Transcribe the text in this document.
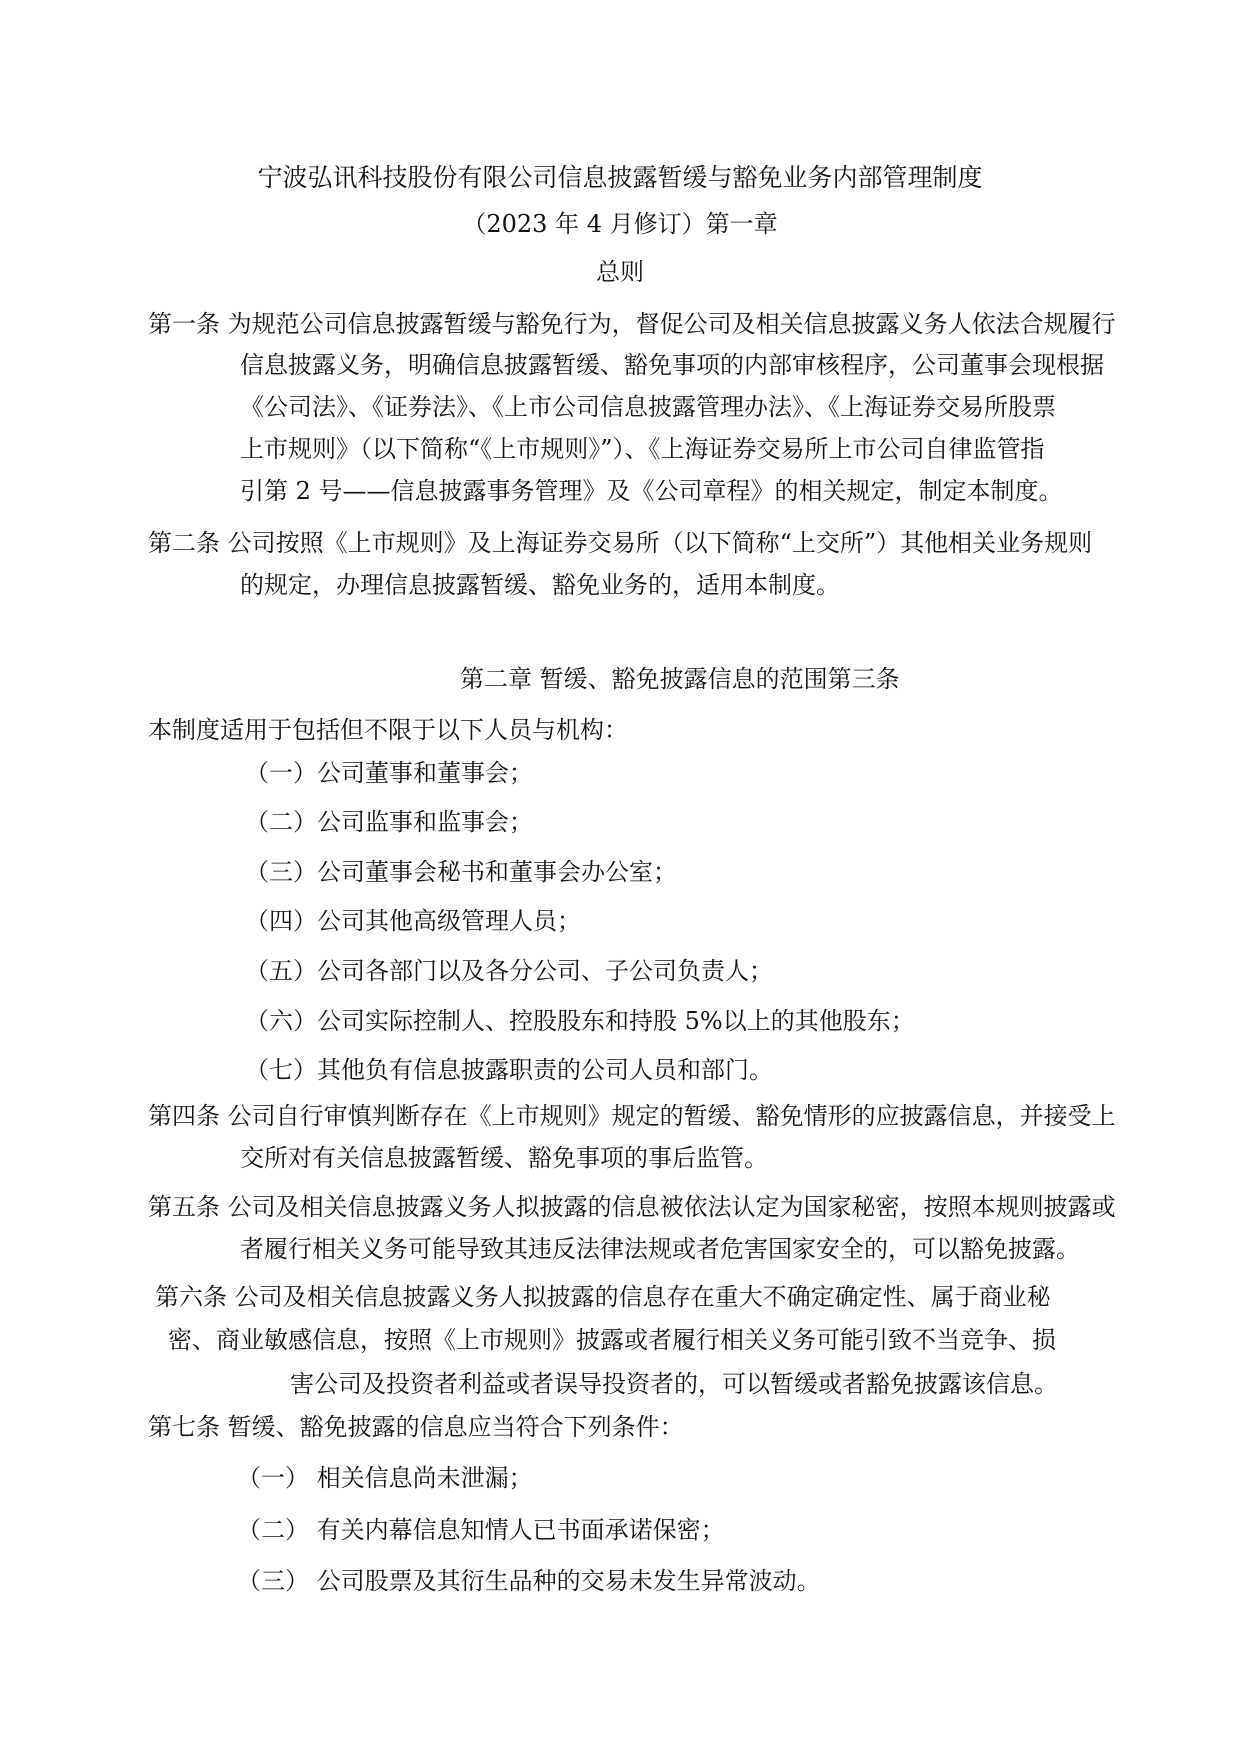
宁波弘讯科技股份有限公司信息披露暂缓与豁免业务内部管理制度
（2023 年 4 月修订）第一章
总则
第一条 为规范公司信息披露暂缓与豁免行为，督促公司及相关信息披露义务人依法合规履行
信息披露义务，明确信息披露暂缓、豁免事项的内部审核程序，公司董事会现根据
《公司法》、《证券法》、《上市公司信息披露管理办法》、《上海证券交易所股票
上市规则》（以下简称“《上市规则》”）、《上海证券交易所上市公司自律监管指
引第 2 号——信息披露事务管理》及《公司章程》的相关规定，制定本制度。
第二条 公司按照《上市规则》及上海证券交易所（以下简称“上交所”）其他相关业务规则
的规定，办理信息披露暂缓、豁免业务的，适用本制度。
第二章 暂缓、豁免披露信息的范围第三条
本制度适用于包括但不限于以下人员与机构：
（一）公司董事和董事会；
（二）公司监事和监事会；
（三）公司董事会秘书和董事会办公室；
（四）公司其他高级管理人员；
（五）公司各部门以及各分公司、子公司负责人；
（六）公司实际控制人、控股股东和持股 5%以上的其他股东；
（七）其他负有信息披露职责的公司人员和部门。
第四条 公司自行审慎判断存在《上市规则》规定的暂缓、豁免情形的应披露信息，并接受上
交所对有关信息披露暂缓、豁免事项的事后监管。
第五条 公司及相关信息披露义务人拟披露的信息被依法认定为国家秘密，按照本规则披露或
者履行相关义务可能导致其违反法律法规或者危害国家安全的，可以豁免披露。
第六条 公司及相关信息披露义务人拟披露的信息存在重大不确定确定性、属于商业秘
密、商业敏感信息，按照《上市规则》披露或者履行相关义务可能引致不当竞争、损
害公司及投资者利益或者误导投资者的，可以暂缓或者豁免披露该信息。
第七条 暂缓、豁免披露的信息应当符合下列条件：
（一） 相关信息尚未泄漏；
（二） 有关内幕信息知情人已书面承诺保密；
（三） 公司股票及其衍生品种的交易未发生异常波动。
